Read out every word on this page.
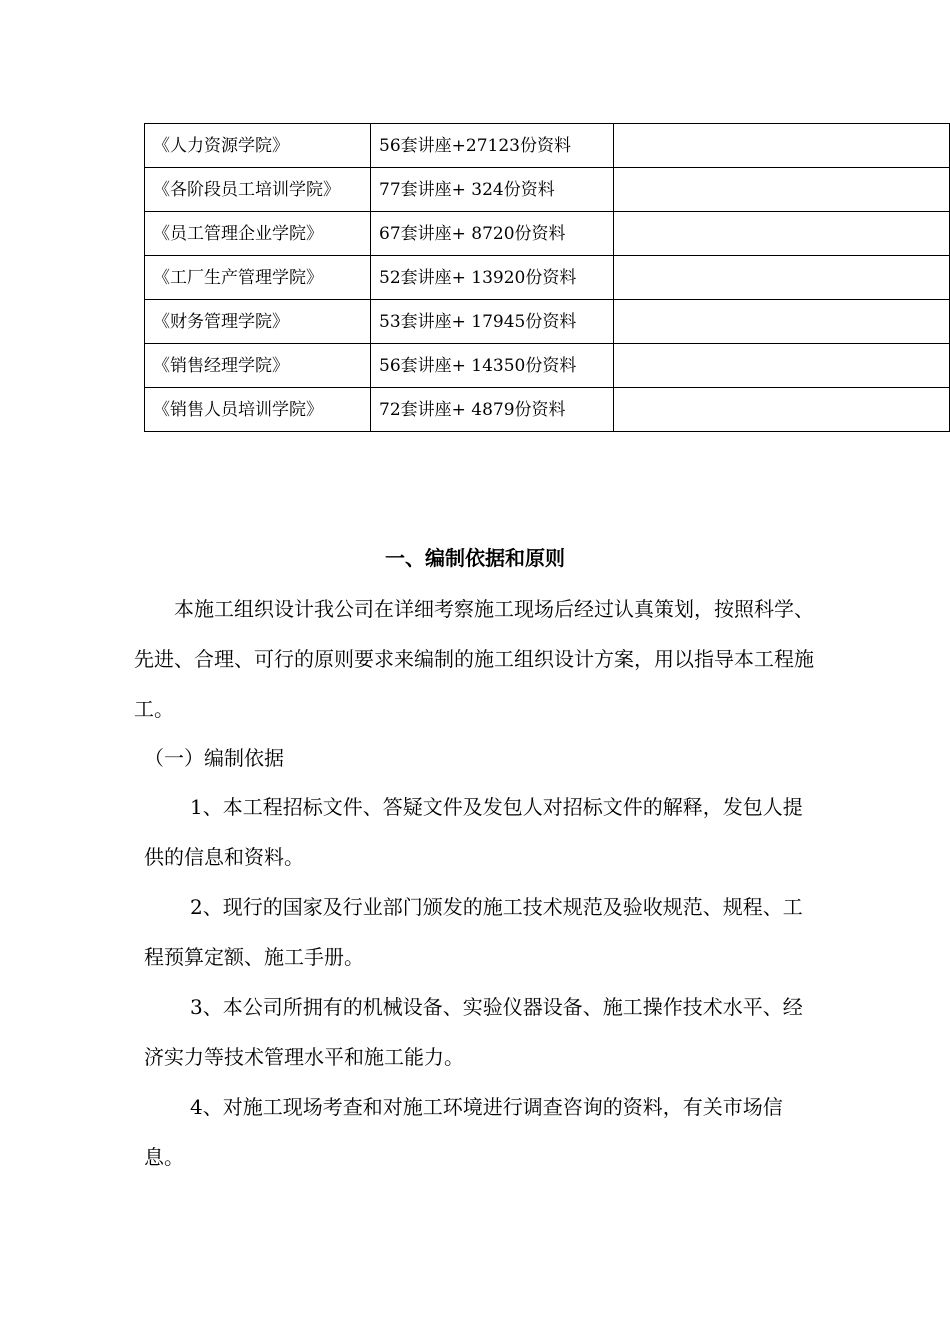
《人力资源学院》	56套讲座+27123份资料	

《各阶段员工培训学院》	77套讲座+ 324份资料	

《员工管理企业学院》	67套讲座+ 8720份资料	

《工厂生产管理学院》	52套讲座+ 13920份资料	

《财务管理学院》	53套讲座+ 17945份资料	

《销售经理学院》	56套讲座+ 14350份资料	

《销售人员培训学院》	72套讲座+ 4879份资料	

一、编制依据和原则

本施工组织设计我公司在详细考察施工现场后经过认真策划，按照科学、先进、合理、可行的原则要求来编制的施工组织设计方案，用以指导本工程施工。

（一）编制依据

1、本工程招标文件、答疑文件及发包人对招标文件的解释，发包人提供的信息和资料。

2、现行的国家及行业部门颁发的施工技术规范及验收规范、规程、工程预算定额、施工手册。

3、本公司所拥有的机械设备、实验仪器设备、施工操作技术水平、经济实力等技术管理水平和施工能力。

4、对施工现场考查和对施工环境进行调查咨询的资料，有关市场信息。
